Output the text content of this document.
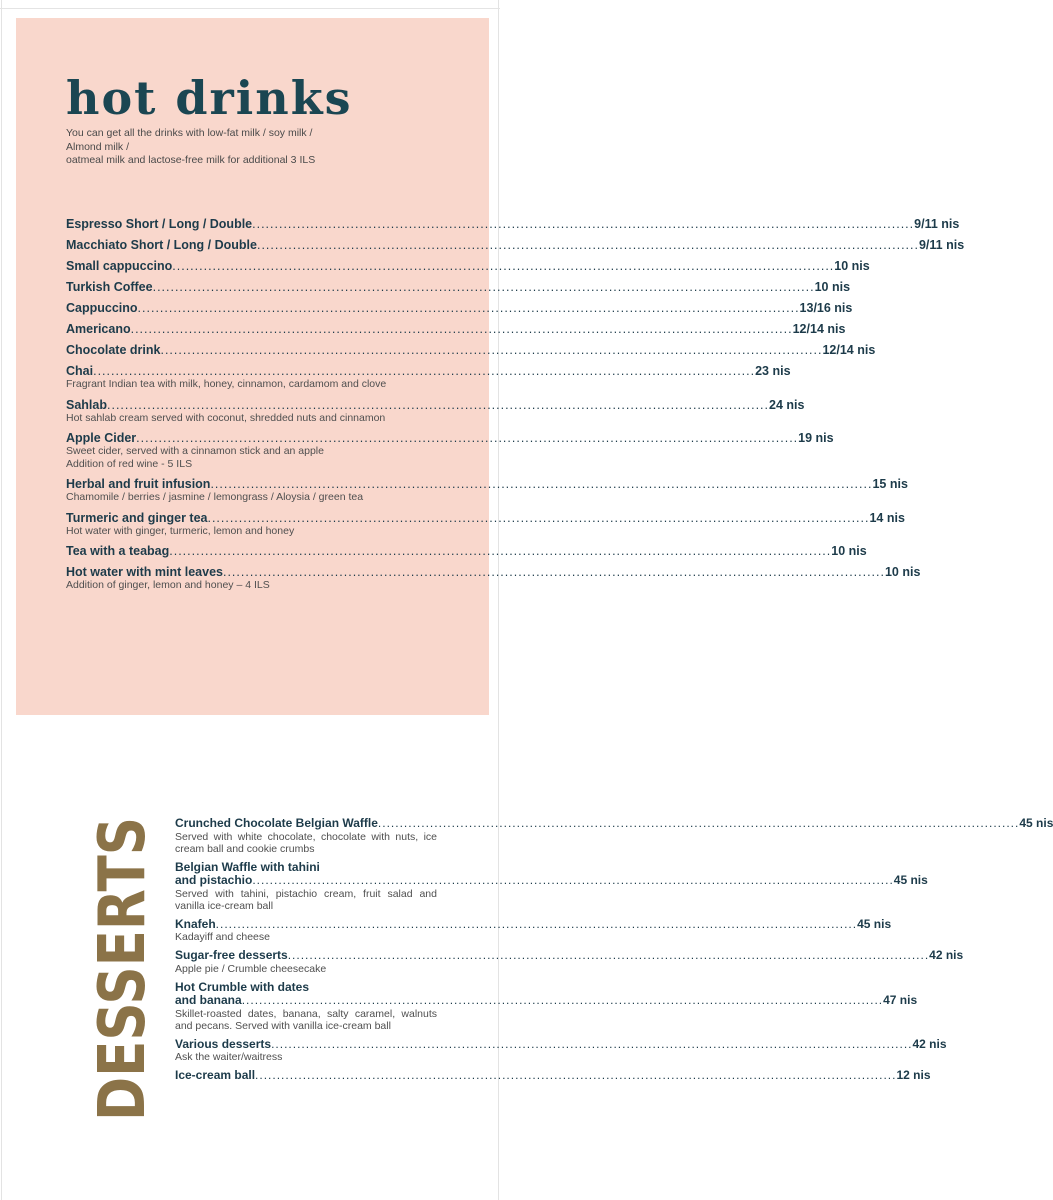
hot drinks
You can get all the drinks with low-fat milk / soy milk /
Almond milk /
oatmeal milk and lactose-free milk for additional 3 ILS
Espresso Short / Long / Double .....	9/11 nis
Macchiato Short / Long / Double .....	9/11 nis
Small cappuccino .....	10 nis
Turkish Coffee .....	10 nis
Cappuccino .....	13/16 nis
Americano .....	12/14 nis
Chocolate drink .....	12/14 nis
Chai .....	23 nis
Fragrant Indian tea with milk, honey, cinnamon, cardamom and clove
Sahlab .....	24 nis
Hot sahlab cream served with coconut, shredded nuts and cinnamon
Apple Cider .....	19 nis
Sweet cider, served with a cinnamon stick and an apple
Addition of red wine - 5 ILS
Herbal and fruit infusion .....	15 nis
Chamomile / berries / jasmine / lemongrass / Aloysia / green tea
Turmeric and ginger tea .....	14 nis
Hot water with ginger, turmeric, lemon and honey
Tea with a teabag .....	10 nis
Hot water with mint leaves .....	10 nis
Addition of ginger, lemon and honey – 4 ILS
DESSERTS Crunched Chocolate Belgian Waffle .....	45 nis
Served with white chocolate, chocolate with nuts, ice cream ball and cookie crumbs
Belgian Waffle with tahini
and pistachio .....	45 nis
Served with tahini, pistachio cream, fruit salad and vanilla ice-cream ball
Knafeh .....	45 nis
Kadayiff and cheese
Sugar-free desserts .....	42 nis
Apple pie / Crumble cheesecake
Hot Crumble with dates
and banana .....	47 nis
Skillet-roasted dates, banana, salty caramel, walnuts and pecans. Served with vanilla ice-cream ball
Various desserts .....	42 nis
Ask the waiter/waitress
Ice-cream ball .....	12 nis
